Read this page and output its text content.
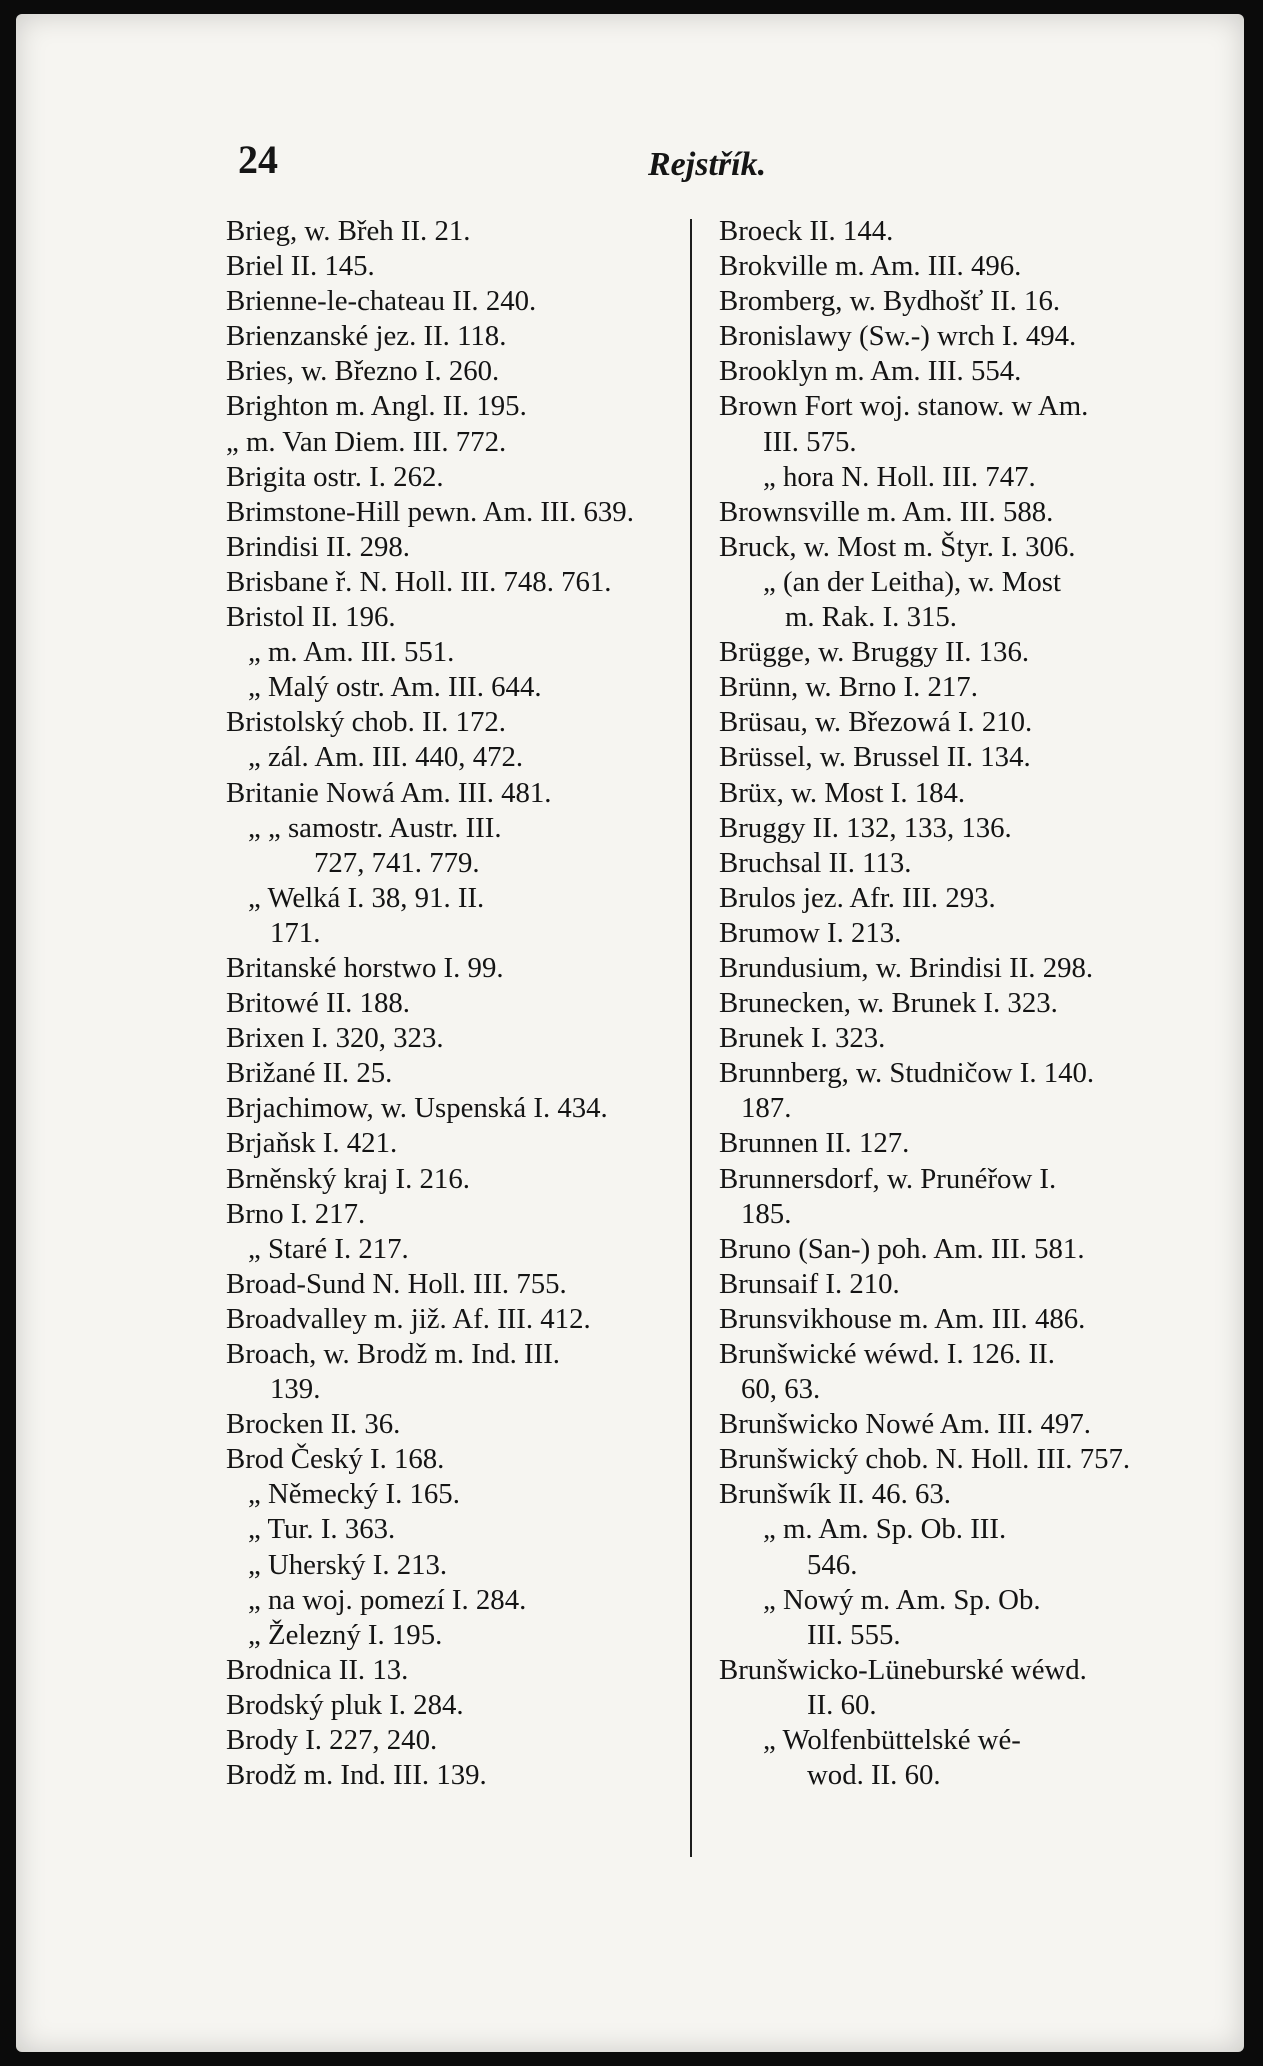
24	Rejstřík.
Brieg, w. Břeh II. 21.
Briel II. 145.
Brienne-le-chateau II. 240.
Brienzanské jez. II. 118.
Bries, w. Březno I. 260.
Brighton m. Angl. II. 195.
„ m. Van Diem. III. 772.
Brigita ostr. I. 262.
Brimstone-Hill pewn. Am. III. 639.
Brindisi II. 298.
Brisbane ř. N. Holl. III. 748. 761.
Bristol II. 196.
„ m. Am. III. 551.
„ Malý ostr. Am. III. 644.
Bristolský chob. II. 172.
„ zál. Am. III. 440, 472.
Britanie Nowá Am. III. 481.
„ „ samostr. Austr. III.
727, 741. 779.
„ Welká I. 38, 91. II.
171.
Britanské horstwo I. 99.
Britowé II. 188.
Brixen I. 320, 323.
Brižané II. 25.
Brjachimow, w. Uspenská I. 434.
Brjaňsk I. 421.
Brněnský kraj I. 216.
Brno I. 217.
„ Staré I. 217.
Broad-Sund N. Holl. III. 755.
Broadvalley m. již. Af. III. 412.
Broach, w. Brodž m. Ind. III.
139.
Brocken II. 36.
Brod Český I. 168.
„ Německý I. 165.
„ Tur. I. 363.
„ Uherský I. 213.
„ na woj. pomezí I. 284.
„ Železný I. 195.
Brodnica II. 13.
Brodský pluk I. 284.
Brody I. 227, 240.
Brodž m. Ind. III. 139.
Broeck II. 144.
Brokville m. Am. III. 496.
Bromberg, w. Bydhošť II. 16.
Bronislawy (Sw.-) wrch I. 494.
Brooklyn m. Am. III. 554.
Brown Fort woj. stanow. w Am.
III. 575.
„ hora N. Holl. III. 747.
Brownsville m. Am. III. 588.
Bruck, w. Most m. Štyr. I. 306.
„ (an der Leitha), w. Most
m. Rak. I. 315.
Brügge, w. Bruggy II. 136.
Brünn, w. Brno I. 217.
Brüsau, w. Březowá I. 210.
Brüssel, w. Brussel II. 134.
Brüx, w. Most I. 184.
Bruggy II. 132, 133, 136.
Bruchsal II. 113.
Brulos jez. Afr. III. 293.
Brumow I. 213.
Brundusium, w. Brindisi II. 298.
Brunecken, w. Brunek I. 323.
Brunek I. 323.
Brunnberg, w. Studničow I. 140.
187.
Brunnen II. 127.
Brunnersdorf, w. Prunéřow I.
185.
Bruno (San-) poh. Am. III. 581.
Brunsaif I. 210.
Brunsvikhouse m. Am. III. 486.
Brunšwické wéwd. I. 126. II.
60, 63.
Brunšwicko Nowé Am. III. 497.
Brunšwický chob. N. Holl. III. 757.
Brunšwík II. 46. 63.
„ m. Am. Sp. Ob. III.
546.
„ Nowý m. Am. Sp. Ob.
III. 555.
Brunšwicko-Lüneburské wéwd.
II. 60.
„ Wolfenbüttelské wé-
wod. II. 60.
